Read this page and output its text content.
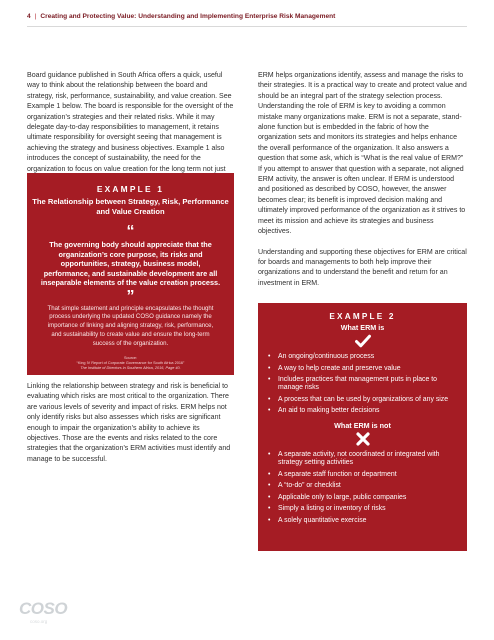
4 | Creating and Protecting Value: Understanding and Implementing Enterprise Risk Management

Board guidance published in South Africa offers a quick, useful way to think about the relationship between the board and strategy, risk, performance, sustainability, and value creation. See Example 1 below. The board is responsible for the oversight of the organization’s strategies and their related risks. While it may delegate day-to-day responsibilities to management, it retains ultimate responsibility for oversight seeing that management is achieving the strategy and business objectives. Example 1 also introduces the concept of sustainability, the need for the organization to focus on value creation for the long term not just

EXAMPLE 1
The Relationship between Strategy, Risk, Performance and Value Creation
“
The governing body should appreciate that the organization’s core purpose, its risks and opportunities, strategy, business model, performance, and sustainable development are all inseparable elements of the value creation process.
”
That simple statement and principle encapsulates the thought process underlying the updated COSO guidance namely the importance of linking and aligning strategy, risk, performance, and sustainability to create value and ensure the long-term success of the organization.
Source:
“King IV Report of Corporate Governance for South Africa 2016”
The Institute of Directors in Southern Africa, 2016, Page 40.

Linking the relationship between strategy and risk is beneficial to evaluating which risks are most critical to the organization. There are various levels of severity and impact of risks. ERM helps not only identify risks but also assesses which risks are significant enough to impair the organization’s ability to achieve its objectives. Those are the events and risks related to the core strategies that the organization’s ERM activities must identify and manage to be successful.

ERM helps organizations identify, assess and manage the risks to their strategies. It is a practical way to create and protect value and should be an integral part of the strategy selection process. Understanding the role of ERM is key to avoiding a common mistake many organizations make. ERM is not a separate, stand-alone function but is embedded in the fabric of how the organization sets and monitors its strategies and helps enhance the overall performance of the organization. It also answers a question that some ask, which is “What is the real value of ERM?” If you attempt to answer that question with a separate, not aligned ERM activity, the answer is often unclear. If ERM is understood and positioned as described by COSO, however, the answer becomes clear; its benefit is improved decision making and ultimately improved performance of the organization as it strives to meet its mission and achieve its strategies and business objectives.

Understanding and supporting these objectives for ERM are critical for boards and managements to both help improve their organizations and to understand the benefit and return for an investment in ERM.

EXAMPLE 2
What ERM is
• An ongoing/continuous process
• A way to help create and preserve value
• Includes practices that management puts in place to manage risks
• A process that can be used by organizations of any size
• An aid to making better decisions
What ERM is not
• A separate activity, not coordinated or integrated with strategy setting activities
• A separate staff function or department
• A “to-do” or checklist
• Applicable only to large, public companies
• Simply a listing or inventory of risks
• A solely quantitative exercise
COSO
coso.org
